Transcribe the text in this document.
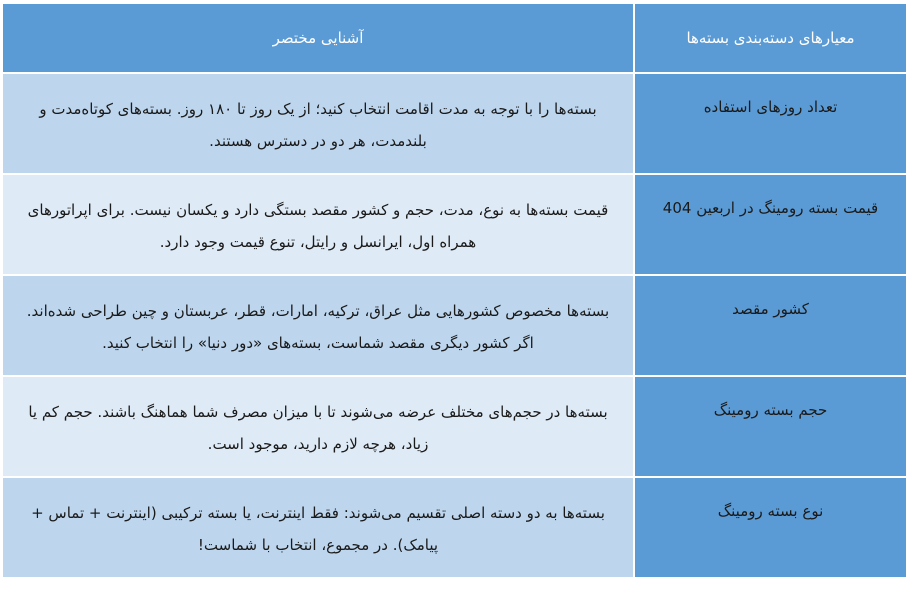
معیارهای دسته‌بندی بسته‌ها	آشنایی مختصر

تعداد روزهای استفاده	بسته‌ها را با توجه به مدت اقامت انتخاب کنید؛ از یک روز تا ۱۸۰ روز. بسته‌های کوتاه‌مدت و بلندمدت، هر دو در دسترس هستند.

قیمت بسته رومینگ در اربعین 404	قیمت بسته‌ها به نوع، مدت، حجم و کشور مقصد بستگی دارد و یکسان نیست. برای اپراتورهای همراه اول، ایرانسل و رایتل، تنوع قیمت وجود دارد.

کشور مقصد	بسته‌ها مخصوص کشورهایی مثل عراق، ترکیه، امارات، قطر، عربستان و چین طراحی شده‌اند. اگر کشور دیگری مقصد شماست، بسته‌های «دور دنیا» را انتخاب کنید.

حجم بسته رومینگ	بسته‌ها در حجم‌های مختلف عرضه می‌شوند تا با میزان مصرف شما هماهنگ باشند. حجم کم یا زیاد، هرچه لازم دارید، موجود است.

نوع بسته رومینگ	بسته‌ها به دو دسته اصلی تقسیم می‌شوند: فقط اینترنت، یا بسته ترکیبی (اینترنت + تماس + پیامک). در مجموع، انتخاب با شماست!
